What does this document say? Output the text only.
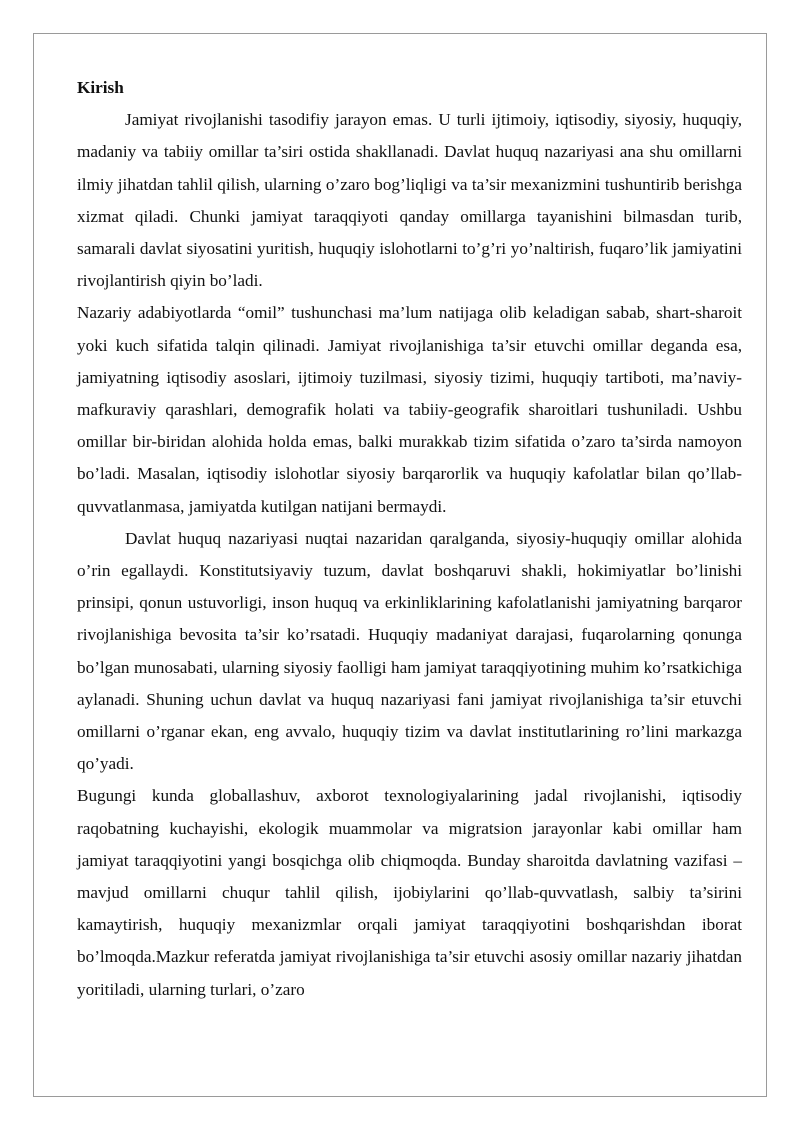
Kirish

Jamiyat rivojlanishi tasodifiy jarayon emas. U turli ijtimoiy, iqtisodiy, siyosiy, huquqiy, madaniy va tabiiy omillar ta’siri ostida shakllanadi. Davlat huquq nazariyasi ana shu omillarni ilmiy jihatdan tahlil qilish, ularning o’zaro bog’liqligi va ta’sir mexanizmini tushuntirib berishga xizmat qiladi. Chunki jamiyat taraqqiyoti qanday omillarga tayanishini bilmasdan turib, samarali davlat siyosatini yuritish, huquqiy islohotlarni to’g’ri yo’naltirish, fuqaro’lik jamiyatini rivojlantirish qiyin bo’ladi.

Nazariy adabiyotlarda “omil” tushunchasi ma’lum natijaga olib keladigan sabab, shart-sharoit yoki kuch sifatida talqin qilinadi. Jamiyat rivojlanishiga ta’sir etuvchi omillar deganda esa, jamiyatning iqtisodiy asoslari, ijtimoiy tuzilmasi, siyosiy tizimi, huquqiy tartiboti, ma’naviy-mafkuraviy qarashlari, demografik holati va tabiiy-geografik sharoitlari tushuniladi. Ushbu omillar bir-biridan alohida holda emas, balki murakkab tizim sifatida o’zaro ta’sirda namoyon bo’ladi. Masalan, iqtisodiy islohotlar siyosiy barqarorlik va huquqiy kafolatlar bilan qo’llab-quvvatlanmasa, jamiyatda kutilgan natijani bermaydi.

Davlat huquq nazariyasi nuqtai nazaridan qaralganda, siyosiy-huquqiy omillar alohida o’rin egallaydi. Konstitutsiyaviy tuzum, davlat boshqaruvi shakli, hokimiyatlar bo’linishi prinsipi, qonun ustuvorligi, inson huquq va erkinliklarining kafolatlanishi jamiyatning barqaror rivojlanishiga bevosita ta’sir ko’rsatadi. Huquqiy madaniyat darajasi, fuqarolarning qonunga bo’lgan munosabati, ularning siyosiy faolligi ham jamiyat taraqqiyotining muhim ko’rsatkichiga aylanadi. Shuning uchun davlat va huquq nazariyasi fani jamiyat rivojlanishiga ta’sir etuvchi omillarni o’rganar ekan, eng avvalo, huquqiy tizim va davlat institutlarining ro’lini markazga qo’yadi.

Bugungi kunda globallashuv, axborot texnologiyalarining jadal rivojlanishi, iqtisodiy raqobatning kuchayishi, ekologik muammolar va migratsion jarayonlar kabi omillar ham jamiyat taraqqiyotini yangi bosqichga olib chiqmoqda. Bunday sharoitda davlatning vazifasi – mavjud omillarni chuqur tahlil qilish, ijobiylarini qo’llab-quvvatlash, salbiy ta’sirini kamaytirish, huquqiy mexanizmlar orqali jamiyat taraqqiyotini boshqarishdan iborat bo’lmoqda.Mazkur referatda jamiyat rivojlanishiga ta’sir etuvchi asosiy omillar nazariy jihatdan yoritiladi, ularning turlari, o’zaro
